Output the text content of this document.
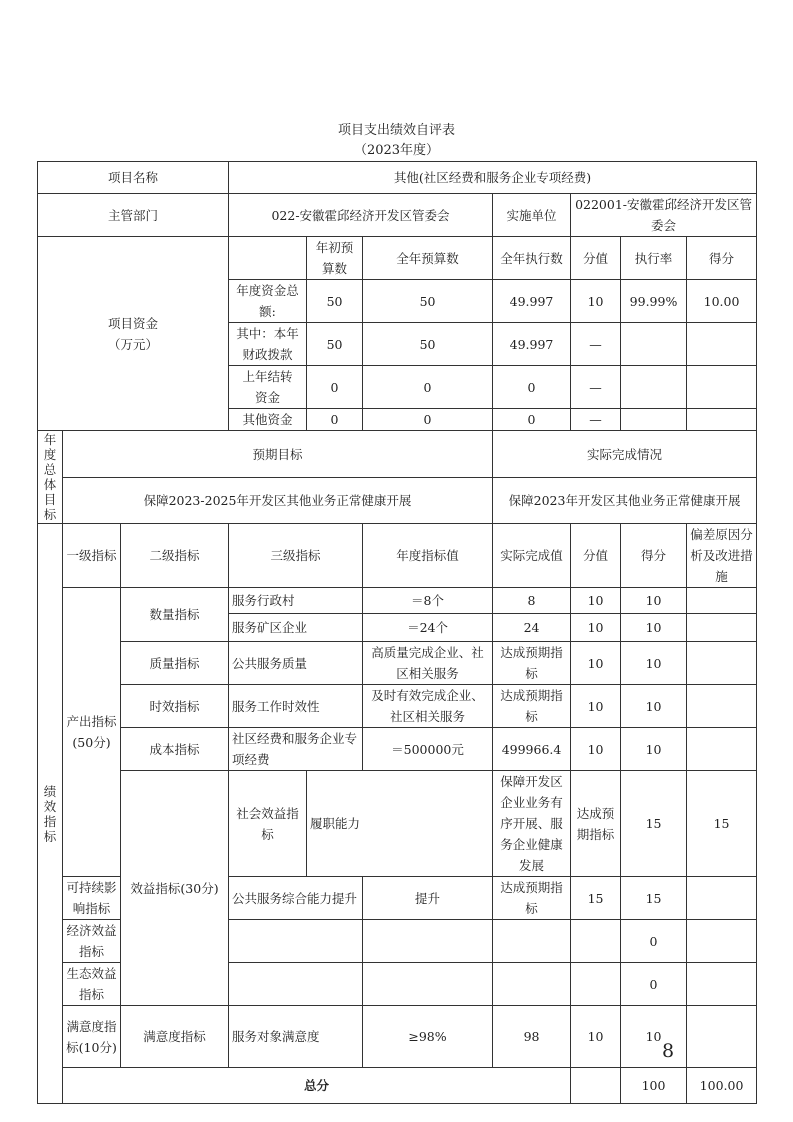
项目支出绩效自评表
（2023年度）
项目名称			其他(社区经费和服务企业专项经费)							
主管部门			022-安徽霍邱经济开发区管委会			实施单位	022001-安徽霍邱经济开发区管委会			
项目资金（万元）				年初预算数	全年预算数	全年执行数	分值	执行率	得分	
			年度资金总额:	50	50	49.997	10	99.99%	10.00	
			其中：本年财政拨款	50	50	49.997	—			
			上年结转资金	0	0	0	—			
			其他资金	0	0	0	—			
年度总体目标	预期目标					实际完成情况				
	保障2023-2025年开发区其他业务正常健康开展					保障2023年开发区其他业务正常健康开展				
绩效指标	一级指标	二级指标	三级指标		年度指标值	实际完成值	分值	得分	偏差原因分析及改进措施	
	产出指标(50分)	数量指标	服务行政村		＝8个	8	10	10		
			服务矿区企业		＝24个	24	10	10		
		质量指标	公共服务质量		高质量完成企业、社区相关服务	达成预期指标	10	10		
		时效指标	服务工作时效性		及时有效完成企业、社区相关服务	达成预期指标	10	10		
		成本指标	社区经费和服务企业专项经费		＝500000元	499966.4	10	10		
		效益指标(30分)	社会效益指标	履职能力		保障开发区企业业务有序开展、服务企业健康发展	达成预期指标	15	15	
	可持续影响指标		公共服务综合能力提升		提升	达成预期指标	15	15		
	经济效益指标							0		
	生态效益指标							0		
	满意度指标(10分)	满意度指标	服务对象满意度		≥98%	98	10	10		
	总分							100	100.00	
8
